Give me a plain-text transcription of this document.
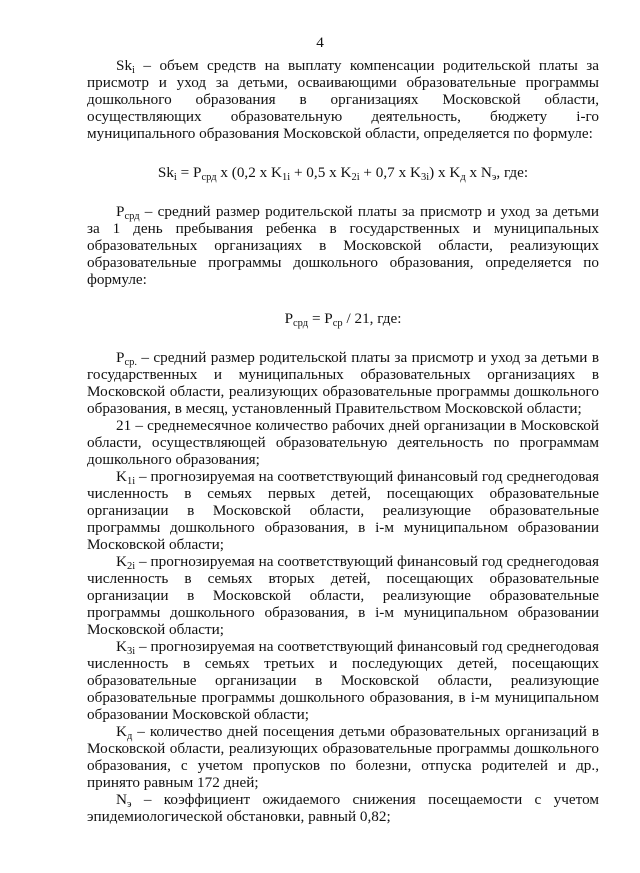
4

$Sk_i$ – объем средств на выплату компенсации родительской платы за присмотр и уход за детьми, осваивающими образовательные программы дошкольного образования в организациях Московской области, осуществляющих образовательную деятельность, бюджету i-го муниципального образования Московской области, определяется по формуле:

$Sk_i = P_{срд}$ x (0,2 x $K_{1i} + 0,5$ x $K_{2i} + 0,7$ x $K_{3i}$) x $K_д$ x $N_э$, где:

$P_{срд}$ – средний размер родительской платы за присмотр и уход за детьми за 1 день пребывания ребенка в государственных и муниципальных образовательных организациях в Московской области, реализующих образовательные программы дошкольного образования, определяется по формуле:

$P_{срд} = P_{ср} / 21$, где:

$P_{ср.}$ – средний размер родительской платы за присмотр и уход за детьми в государственных и муниципальных образовательных организациях в Московской области, реализующих образовательные программы дошкольного образования, в месяц, установленный Правительством Московской области;

21 – среднемесячное количество рабочих дней организации в Московской области, осуществляющей образовательную деятельность по программам дошкольного образования;

$K_{1i}$ – прогнозируемая на соответствующий финансовый год среднегодовая численность в семьях первых детей, посещающих образовательные организации в Московской области, реализующие образовательные программы дошкольного образования, в i-м муниципальном образовании Московской области;

$K_{2i}$ – прогнозируемая на соответствующий финансовый год среднегодовая численность в семьях вторых детей, посещающих образовательные организации в Московской области, реализующие образовательные программы дошкольного образования, в i-м муниципальном образовании Московской области;

$K_{3i}$ – прогнозируемая на соответствующий финансовый год среднегодовая численность в семьях третьих и последующих детей, посещающих образовательные организации в Московской области, реализующие образовательные программы дошкольного образования, в i-м муниципальном образовании Московской области;

$K_д$ – количество дней посещения детьми образовательных организаций в Московской области, реализующих образовательные программы дошкольного образования, с учетом пропусков по болезни, отпуска родителей и др., принято равным 172 дней;

$N_э$ – коэффициент ожидаемого снижения посещаемости с учетом эпидемиологической обстановки, равный 0,82;
